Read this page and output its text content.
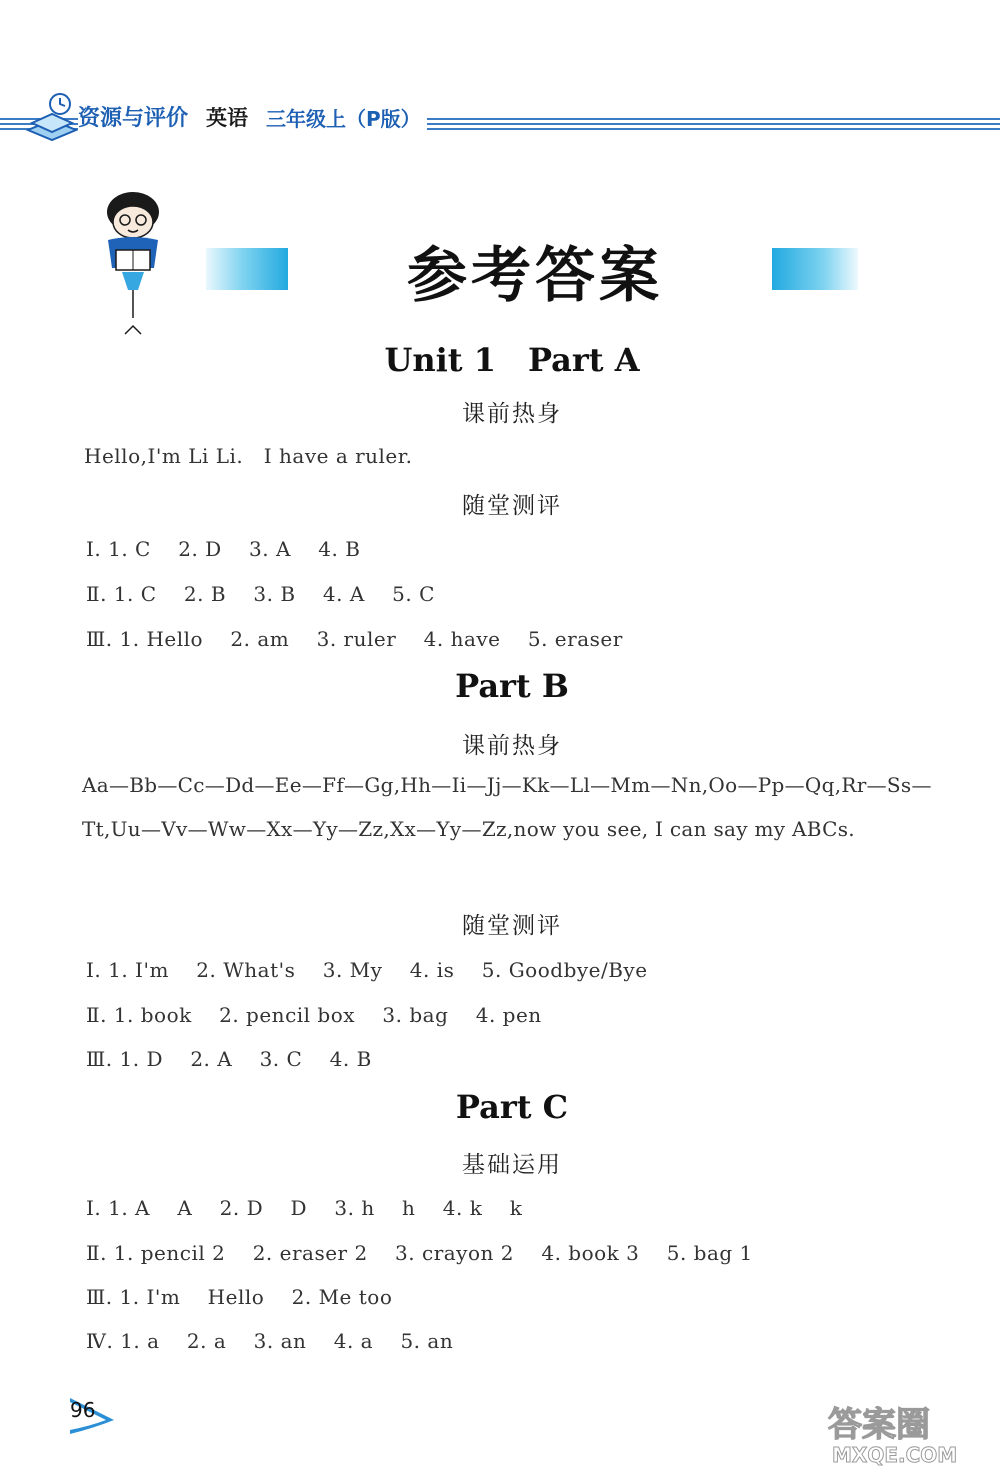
资源与评价 英语 三年级上（P版）
参考答案
Unit 1　Part A
课前热身
Hello,I'm Li Li.　I have a ruler.
随堂测评
Ⅰ. 1. C　 2. D　 3. A　 4. B
Ⅱ. 1. C　 2. B　 3. B　 4. A　 5. C
Ⅲ. 1. Hello　 2. am　 3. ruler　 4. have　 5. eraser
Part B
课前热身
Aa—Bb—Cc—Dd—Ee—Ff—Gg,Hh—Ii—Jj—Kk—Ll—Mm—Nn,Oo—Pp—Qq,Rr—Ss—Tt,Uu—Vv—Ww—Xx—Yy—Zz,Xx—Yy—Zz,now you see, I can say my ABCs.
随堂测评
Ⅰ. 1. I'm　 2. What's　 3. My　 4. is　 5. Goodbye/Bye
Ⅱ. 1. book　 2. pencil box　 3. bag　 4. pen
Ⅲ. 1. D　 2. A　 3. C　 4. B
Part C
基础运用
Ⅰ. 1. A　 A　 2. D　 D　 3. h　 h　 4. k　 k
Ⅱ. 1. pencil 2　 2. eraser 2　 3. crayon 2　 4. book 3　 5. bag 1
Ⅲ. 1. I'm　 Hello　 2. Me too
Ⅳ. 1. a　 2. a　 3. an　 4. a　 5. an
96	答案圈
MXQE.COM
